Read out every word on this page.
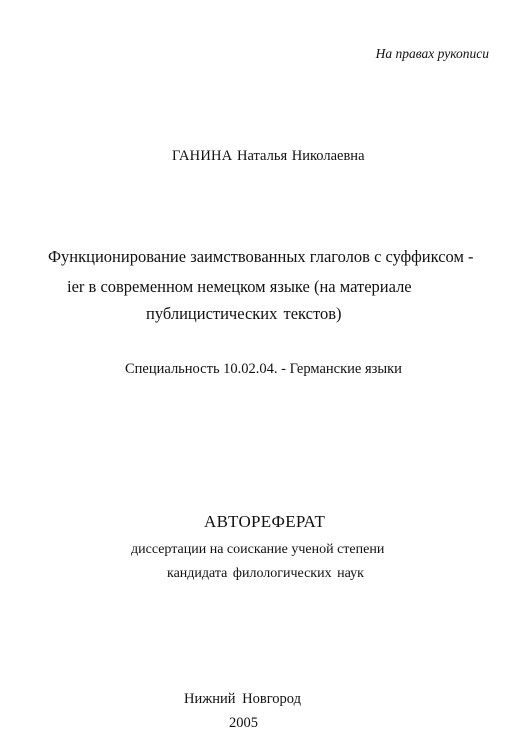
На правах рукописи
ГАНИНА Наталья Николаевна
Функционирование заимствованных глаголов с суффиксом -
ier в современном немецком языке (на материале
публицистических текстов)
Специальность 10.02.04. - Германские языки
АВТОРЕФЕРАТ
диссертации на соискание ученой степени
кандидата филологических наук
Нижний Новгород
2005
